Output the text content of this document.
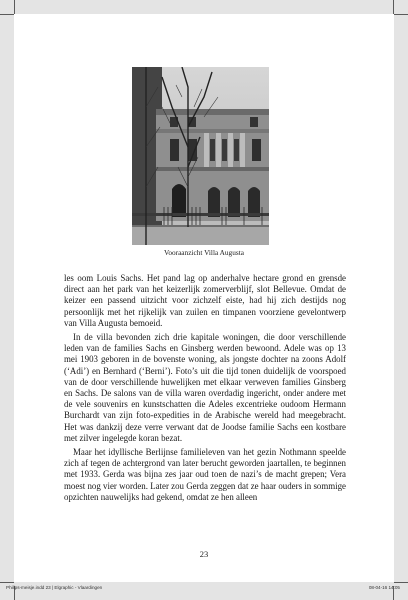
Vooraanzicht Villa Augusta

les oom Louis Sachs. Het pand lag op anderhalve hectare grond en grensde direct aan het park van het keizerlijk zomerverblijf, slot Bellevue. Omdat de keizer een passend uitzicht voor zichzelf eiste, had hij zich destijds nog persoonlijk met het rijkelijk van zuilen en timpanen voorziene gevelontwerp van Villa Augusta bemoeid.

In de villa bevonden zich drie kapitale woningen, die door verschillende leden van de families Sachs en Ginsberg werden bewoond. Adele was op 13 mei 1903 geboren in de bovenste woning, als jongste dochter na zoons Adolf (‘Adi’) en Bernhard (‘Berni’). Foto’s uit die tijd tonen duidelijk de voorspoed van de door verschillende huwelijken met elkaar verweven families Ginsberg en Sachs. De salons van de villa waren overdadig ingericht, onder andere met de vele souvenirs en kunstschatten die Adeles excentrieke oudoom Hermann Burchardt van zijn foto-expedities in de Arabische wereld had meegebracht. Het was dankzij deze verre verwant dat de Joodse familie Sachs een kostbare met zilver ingelegde koran bezat.

Maar het idyllische Berlijnse familieleven van het gezin Nothmann speelde zich af tegen de achtergrond van later berucht geworden jaartallen, te beginnen met 1933. Gerda was bijna zes jaar oud toen de nazi’s de macht grepen; Vera moest nog vier worden. Later zou Gerda zeggen dat ze haar ouders in sommige opzichten nauwelijks had gekend, omdat ze hen alleen

23
Philips-meisje.indd 23 | Elgraphic - Vlaardingen	08-04-16 14:05
